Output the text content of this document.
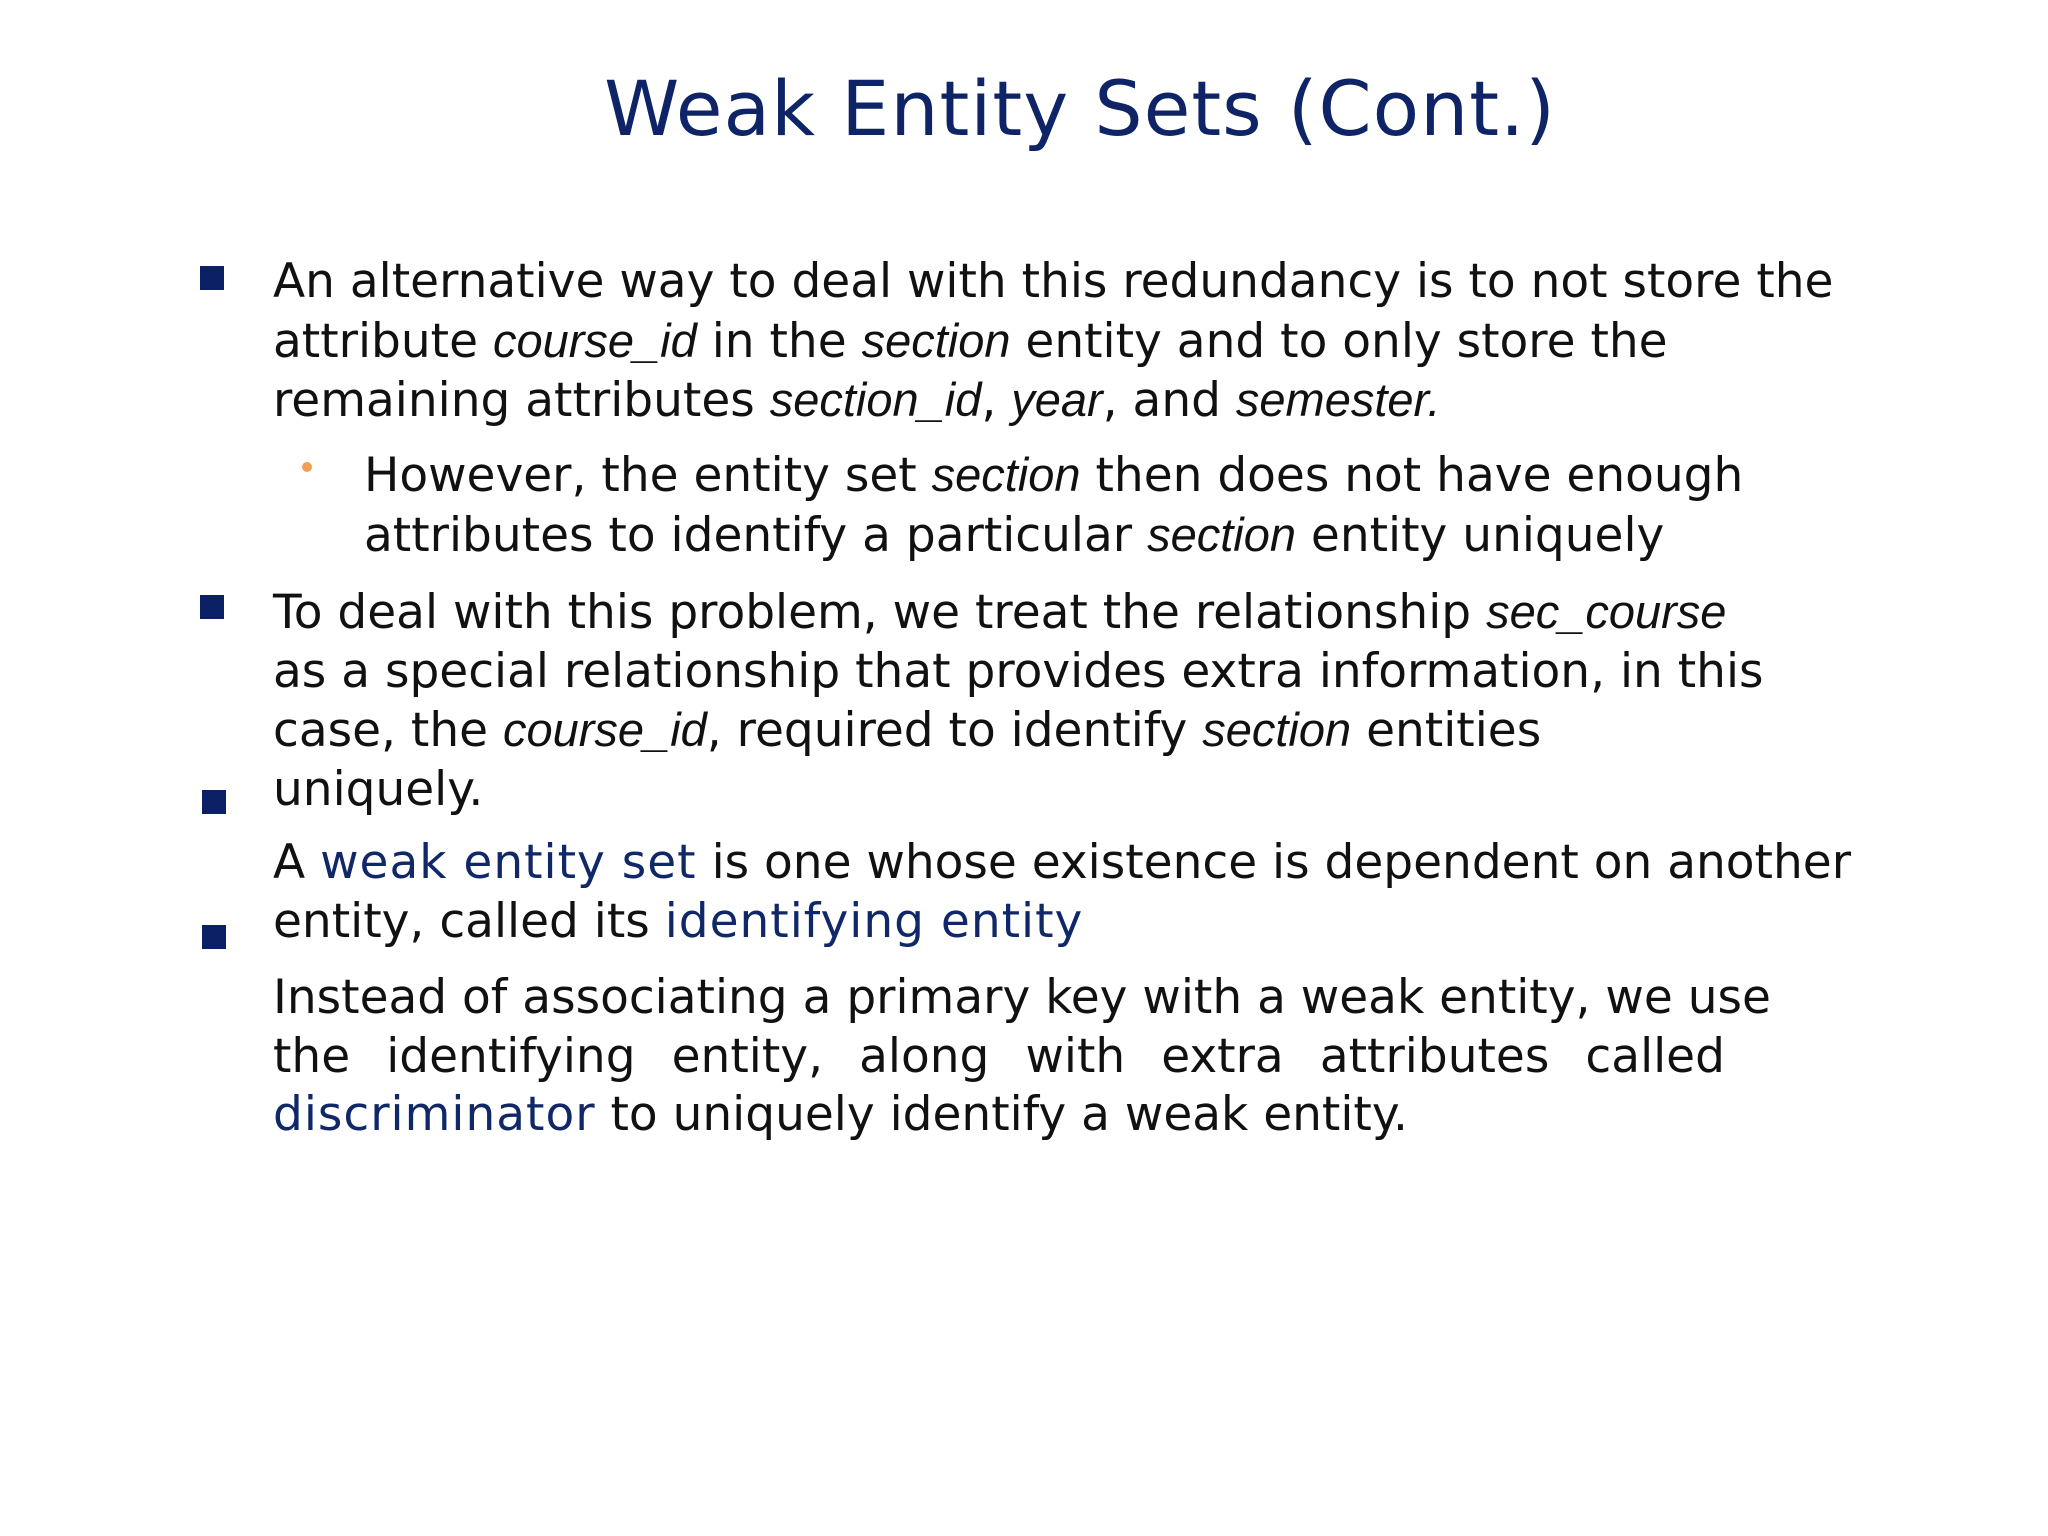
Weak Entity Sets (Cont.)
An alternative way to deal with this redundancy is to not store the
attribute course_id in the section entity and to only store the
remaining attributes section_id, year, and semester.
However, the entity set section then does not have enough
attributes to identify a particular section entity uniquely
To deal with this problem, we treat the relationship sec_course
as a special relationship that provides extra information, in this
case, the course_id, required to identify section entities
uniquely.
A weak entity set is one whose existence is dependent on another
entity, called its identifying entity
Instead of associating a primary key with a weak entity, we use
the identifying entity, along with extra attributes called
discriminator to uniquely identify a weak entity.
